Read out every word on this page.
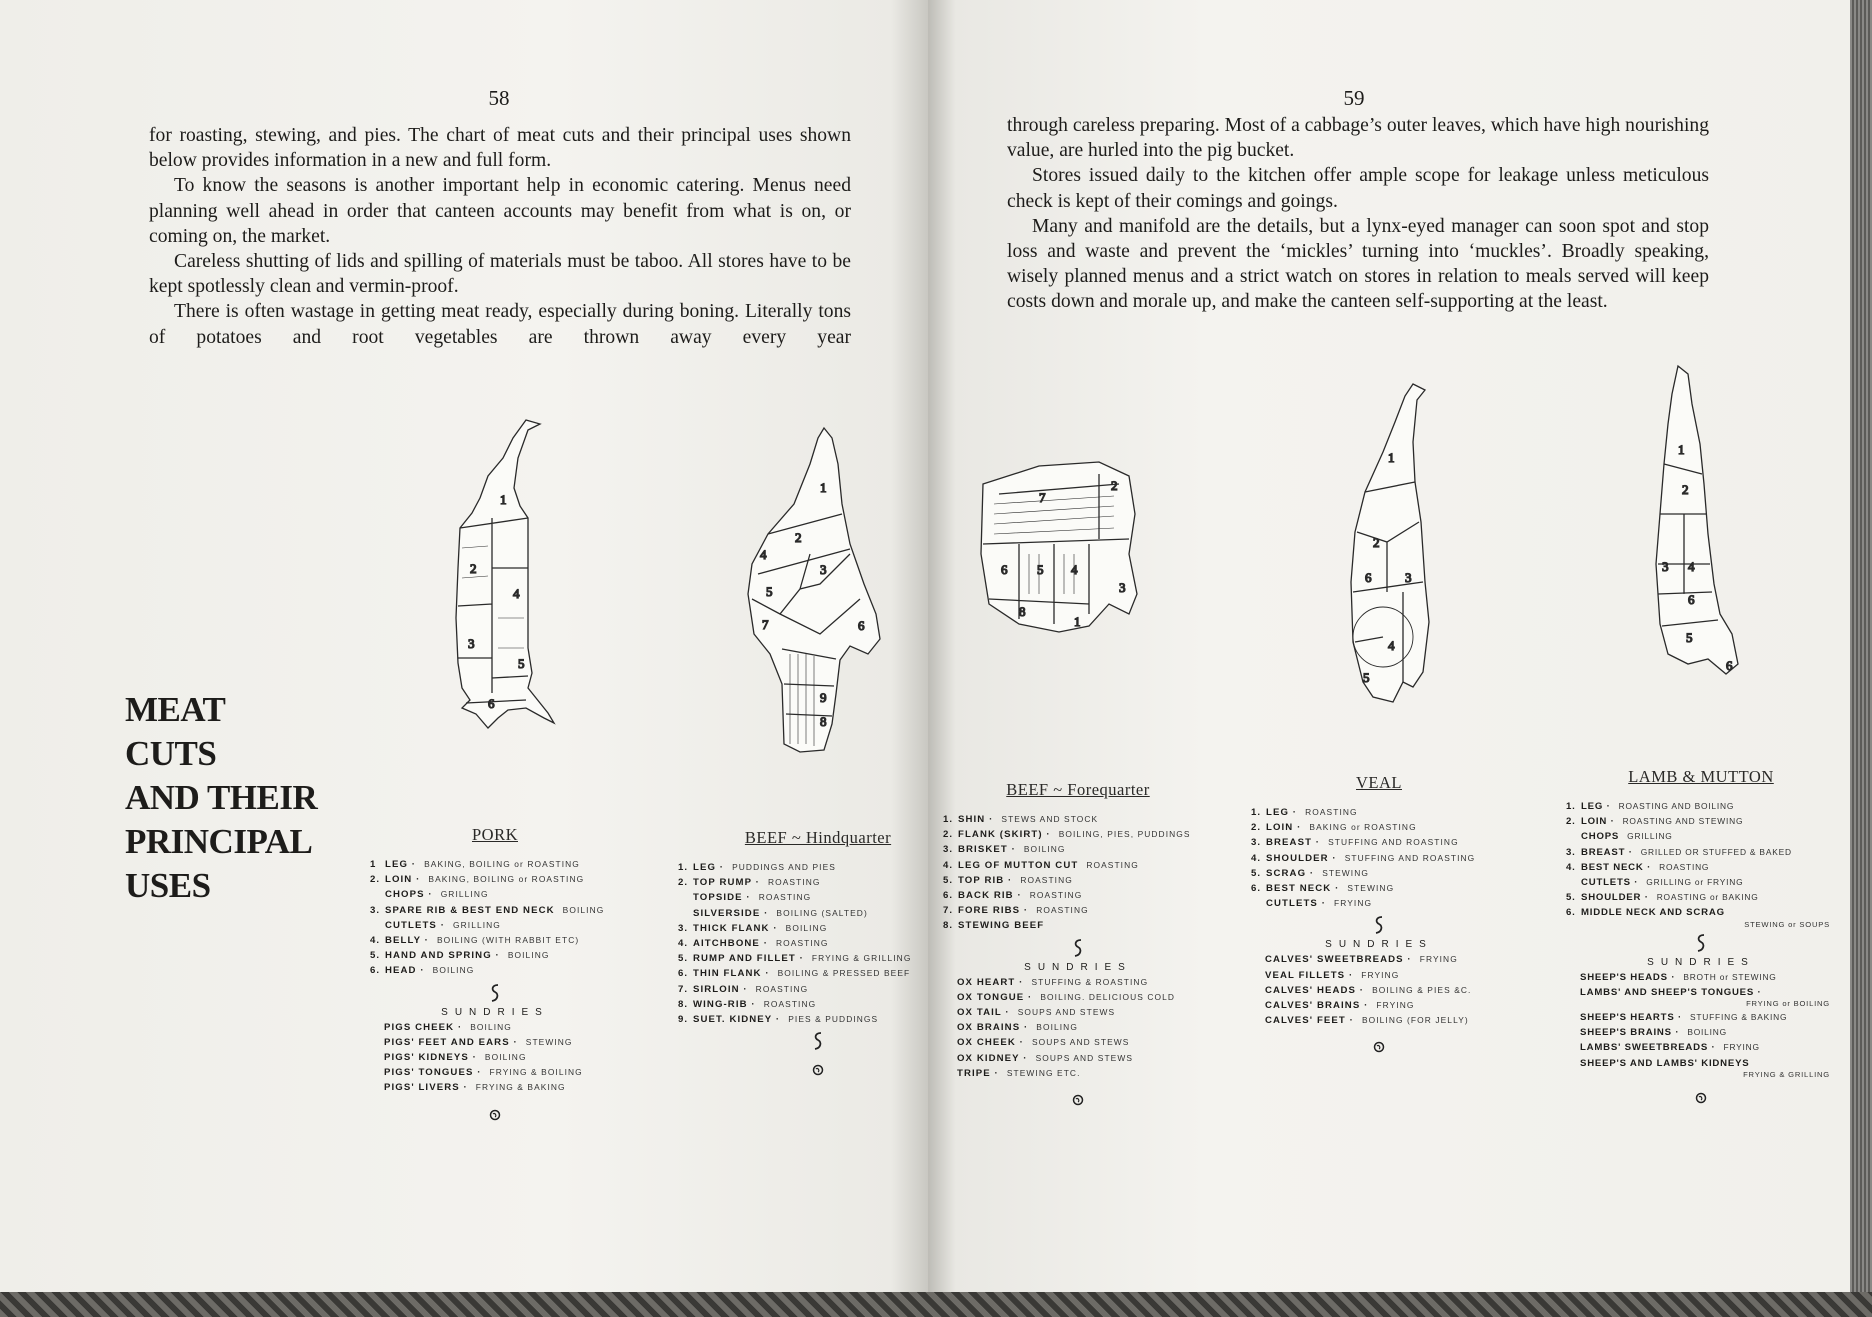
58

for roasting, stewing, and pies. The chart of meat cuts and their principal uses shown below provides information in a new and full form.

To know the seasons is another important help in economic catering. Menus need planning well ahead in order that canteen accounts may benefit from what is on, or coming on, the market.

Careless shutting of lids and spilling of materials must be taboo. All stores have to be kept spotlessly clean and vermin-proof.

There is often wastage in getting meat ready, especially during boning. Literally tons of potatoes and root vegetables are thrown away every year

MEAT
CUTS
AND THEIR
PRINCIPAL
USES
1
2
3
4
5
6
1
2
3
4
5
6
7
8
9
PORK
1 LEG · BAKING, BOILING or ROASTING
2. LOIN · BAKING, BOILING or ROASTING
CHOPS · GRILLING
3. SPARE RIB & BEST END NECK BOILING
CUTLETS · GRILLING
4. BELLY · BOILING (WITH RABBIT ETC)
5. HAND AND SPRING · BOILING
6. HEAD · BOILING
SUNDRIES
PIGS CHEEK · BOILING
PIGS' FEET AND EARS · STEWING
PIGS' KIDNEYS · BOILING
PIGS' TONGUES · FRYING & BOILING
PIGS' LIVERS · FRYING & BAKING
BEEF ~ Hindquarter
1. LEG · PUDDINGS AND PIES
2. TOP RUMP · ROASTING
TOPSIDE · ROASTING
SILVERSIDE · BOILING (SALTED)
3. THICK FLANK · BOILING
4. AITCHBONE · ROASTING
5. RUMP AND FILLET · FRYING & GRILLING
6. THIN FLANK · BOILING & PRESSED BEEF
7. SIRLOIN · ROASTING
8. WING-RIB · ROASTING
9. SUET. KIDNEY · PIES & PUDDINGS
59

through careless preparing. Most of a cabbage’s outer leaves, which have high nourishing value, are hurled into the pig bucket.

Stores issued daily to the kitchen offer ample scope for leakage unless meticulous check is kept of their comings and goings.

Many and manifold are the details, but a lynx-eyed manager can soon spot and stop loss and waste and prevent the ‘mickles’ turning into ‘muckles’. Broadly speaking, wisely planned menus and a strict watch on stores in relation to meals served will keep costs down and morale up, and make the canteen self-supporting at the least.

1
2
3
4
5
6
7
8
1
2
3
4
5
6
1
2
3 4
5
6
6
BEEF ~ Forequarter
1. SHIN · STEWS AND STOCK
2. FLANK (SKIRT) · BOILING, PIES, PUDDINGS
3. BRISKET · BOILING
4. LEG OF MUTTON CUT ROASTING
5. TOP RIB · ROASTING
6. BACK RIB · ROASTING
7. FORE RIBS · ROASTING
8. STEWING BEEF
SUNDRIES
OX HEART · STUFFING & ROASTING
OX TONGUE · BOILING. DELICIOUS COLD
OX TAIL · SOUPS AND STEWS
OX BRAINS · BOILING
OX CHEEK · SOUPS AND STEWS
OX KIDNEY · SOUPS AND STEWS
TRIPE · STEWING ETC.
VEAL
1. LEG · ROASTING
2. LOIN · BAKING or ROASTING
3. BREAST · STUFFING AND ROASTING
4. SHOULDER · STUFFING AND ROASTING
5. SCRAG · STEWING
6. BEST NECK · STEWING
CUTLETS · FRYING
SUNDRIES
CALVES' SWEETBREADS · FRYING
VEAL FILLETS · FRYING
CALVES' HEADS · BOILING & PIES &C.
CALVES' BRAINS · FRYING
CALVES' FEET · BOILING (FOR JELLY)
LAMB & MUTTON
1. LEG · ROASTING AND BOILING
2. LOIN · ROASTING AND STEWING
CHOPS GRILLING
3. BREAST · GRILLED OR STUFFED & BAKED
4. BEST NECK · ROASTING
CUTLETS · GRILLING or FRYING
5. SHOULDER · ROASTING or BAKING
6. MIDDLE NECK AND SCRAG
STEWING or SOUPS
SUNDRIES
SHEEP'S HEADS · BROTH or STEWING
LAMBS' AND SHEEP'S TONGUES ·
FRYING or BOILING
SHEEP'S HEARTS · STUFFING & BAKING
SHEEP'S BRAINS · BOILING
LAMBS' SWEETBREADS · FRYING
SHEEP'S AND LAMBS' KIDNEYS
FRYING & GRILLING
